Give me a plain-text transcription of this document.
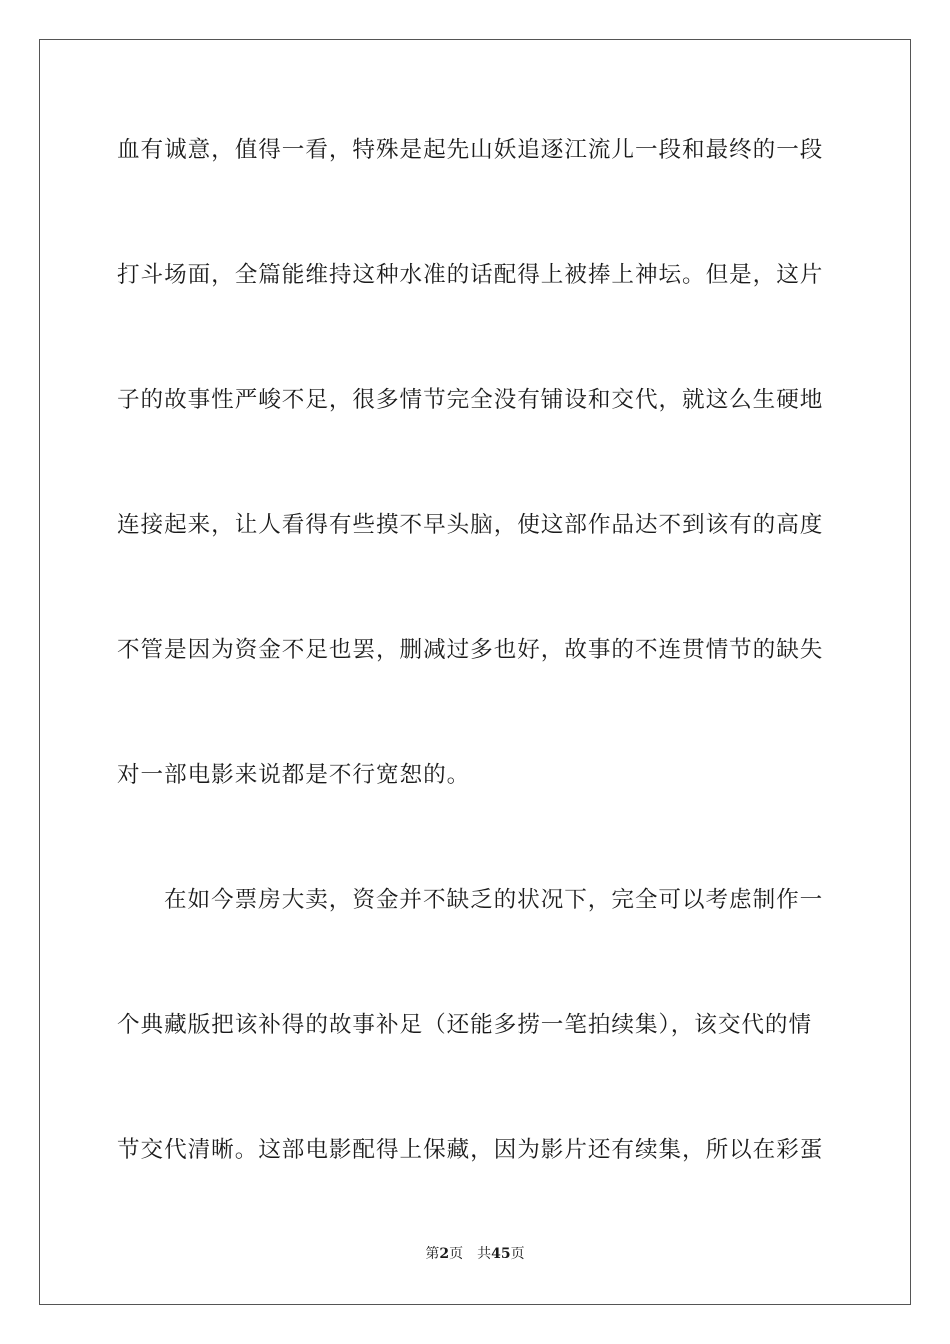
血有诚意，值得一看，特殊是起先山妖追逐江流儿一段和最终的一段
打斗场面，全篇能维持这种水准的话配得上被捧上神坛。但是，这片
子的故事性严峻不足，很多情节完全没有铺设和交代，就这么生硬地
连接起来，让人看得有些摸不早头脑，使这部作品达不到该有的高度
不管是因为资金不足也罢，删减过多也好，故事的不连贯情节的缺失
对一部电影来说都是不行宽恕的。
在如今票房大卖，资金并不缺乏的状况下，完全可以考虑制作一
个典藏版把该补得的故事补足（还能多捞一笔拍续集），该交代的情
节交代清晰。这部电影配得上保藏，因为影片还有续集，所以在彩蛋
第2页 共45页
